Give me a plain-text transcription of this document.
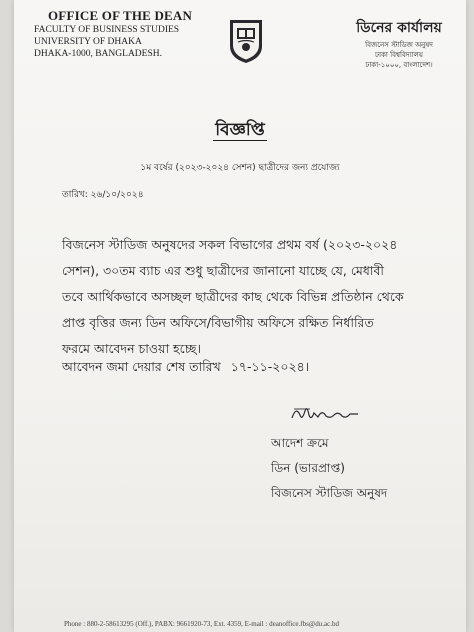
OFFICE OF THE DEAN
FACULTY OF BUSINESS STUDIES
UNIVERSITY OF DHAKA
DHAKA-1000, BANGLADESH.
ডিনের কার্যালয়
বিজনেস স্টাডিজ অনুষদ
ঢাকা বিশ্ববিদ্যালয়
ঢাকা-১০০০, বাংলাদেশ।
বিজ্ঞপ্তি
১ম বর্ষের (২০২৩-২০২৪ সেশন) ছাত্রীদের জন্য প্রযোজ্য
তারিখ: ২৬/১০/২০২৪
বিজনেস স্টাডিজ অনুষদের সকল বিভাগের প্রথম বর্ষ (২০২৩-২০২৪
সেশন), ৩০তম ব্যাচ এর শুধু ছাত্রীদের জানানো যাচ্ছে যে, মেধাবী
তবে আর্থিকভাবে অসচ্ছল ছাত্রীদের কাছ থেকে বিভিন্ন প্রতিষ্ঠান থেকে
প্রাপ্ত বৃত্তির জন্য ডিন অফিসে/বিভাগীয় অফিসে রক্ষিত নির্ধারিত
ফরমে আবেদন চাওয়া হচ্ছে।
আবেদন জমা দেয়ার শেষ তারিখ ১৭-১১-২০২৪।
আদেশ ক্রমে
ডিন (ভারপ্রাপ্ত)
বিজনেস স্টাডিজ অনুষদ
Phone : 880-2-58613295 (Off.), PABX: 9661920-73, Ext. 4359, E-mail : deanoffice.fbs@du.ac.bd
